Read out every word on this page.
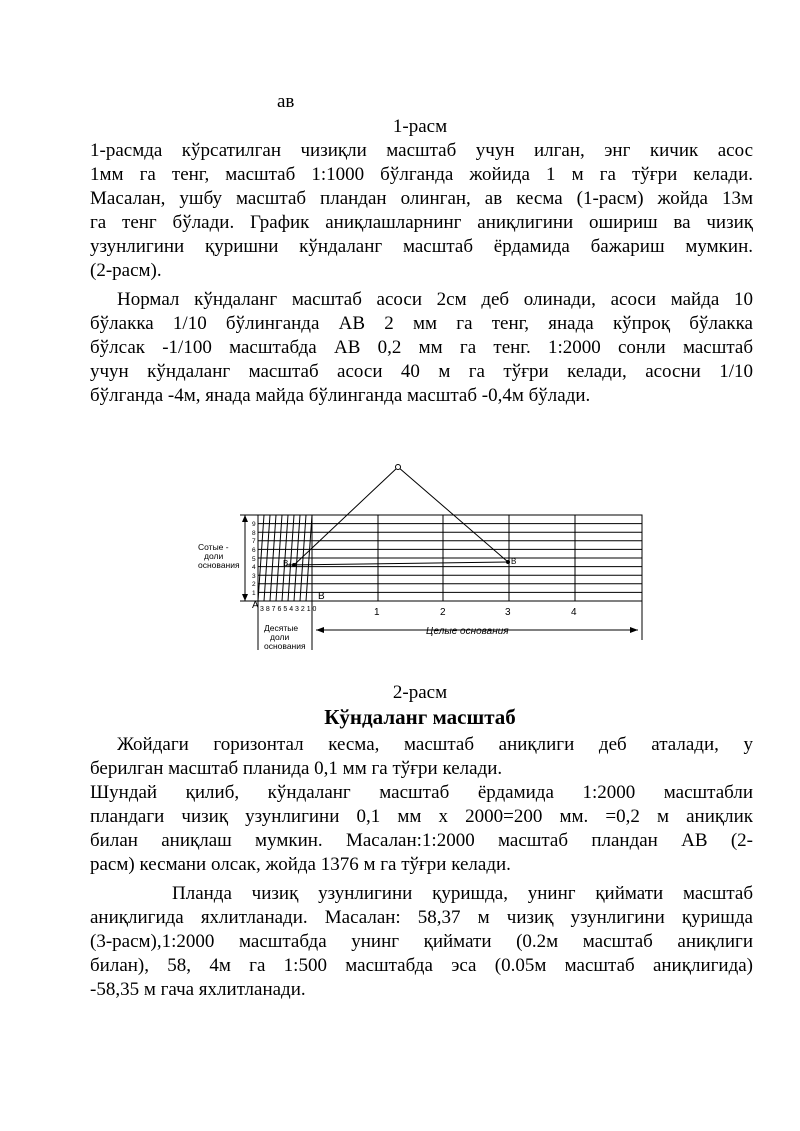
ав
1-расм
1-расмда кўрсатилган чизиқли масштаб учун илган, энг кичик асос
1мм га тенг, масштаб 1:1000 бўлганда жойида 1 м га тўғри келади.
Масалан, ушбу масштаб пландан олинган, ав кесма (1-расм) жойда 13м
га тенг бўлади. График аниқлашларнинг аниқлигини ошириш ва чизиқ
узунлигини қуришни кўндаланг масштаб ёрдамида бажариш мумкин.
(2-расм).
Нормал кўндаланг масштаб асоси 2см деб олинади, асоси майда 10
бўлакка 1/10 бўлинганда АВ 2 мм га тенг, янада кўпроқ бўлакка
бўлсак -1/100 масштабда АВ 0,2 мм га тенг. 1:2000 сонли масштаб
учун кўндаланг масштаб асоси 40 м га тўғри келади, асосни 1/10
бўлганда -4м, янада майда бўлинганда масштаб -0,4м бўлади.
Сотые -
доли
основания
Десятые
доли
основания
Целые основания
3 8 7 6 5 4 3 2 1 0
9
8
7
6
5
4
3
2
1
1	2	3	4
A
B
В₁	В
2-расм
Кўндаланг масштаб
Жойдаги горизонтал кесма, масштаб аниқлиги деб аталади, у
берилган масштаб планида 0,1 мм га тўғри келади.
Шундай қилиб, кўндаланг масштаб ёрдамида 1:2000 масштабли
пландаги чизиқ узунлигини 0,1 мм х 2000=200 мм. =0,2 м аниқлик
билан аниқлаш мумкин. Масалан:1:2000 масштаб пландан АВ (2-
расм) кесмани олсак, жойда 1376 м га тўғри келади.
Планда чизиқ узунлигини қуришда, унинг қиймати масштаб
аниқлигида яхлитланади. Масалан: 58,37 м чизиқ узунлигини қуришда
(3-расм),1:2000 масштабда унинг қиймати (0.2м масштаб аниқлиги
билан), 58, 4м га 1:500 масштабда эса (0.05м масштаб аниқлигида)
-58,35 м гача яхлитланади.
